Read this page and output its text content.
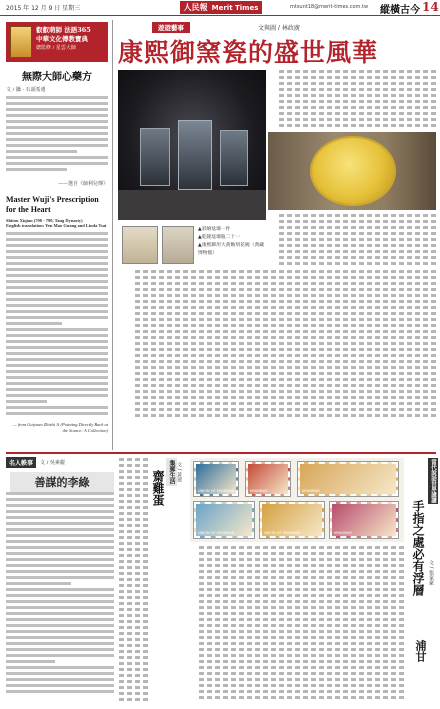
2015 年 12 月 9 日 星期三	人民報 Merit Times	mtsunt18@merit-times.com.tw 縱橫古今 14
叡叡萌師 法語365
中華文化傳教寶典
總監修 / 星雲大師
無際大師心藥方
文 / 攝 · 石頭希遷
——選自《師利兒傳》
Master Wuji's Prescription for the Heart
Shitou Xiqian (700 - 790, Tang Dynasty)
English translation: Yen Mao Guang and Linda Tsai
— from Guiyuan Zhizhi Ji (Pointing Directly Back at the Source: A Collection)
遊遊藝事	文與圖 / 林政廣
康熙御窯瓷的盛世風華
▲彩繪琺瑯一件
▲乾隆琺瑯瓶二十一
▲康熙御用大黃釉刻花碗（典藏博物館）
名人軼事	文 / 吳素麗
善謀的李綠	集郵生活 文 / 黃建
齋雞蛋	UNION OF MYANMAR	MYANMAR	MYANMAR
UNION OF MYANMAR	UNION OF MYANMAR	MYANMAR
當代說話世界講讀
文 / 張家豪
手指之處必有浮層
浦甘
